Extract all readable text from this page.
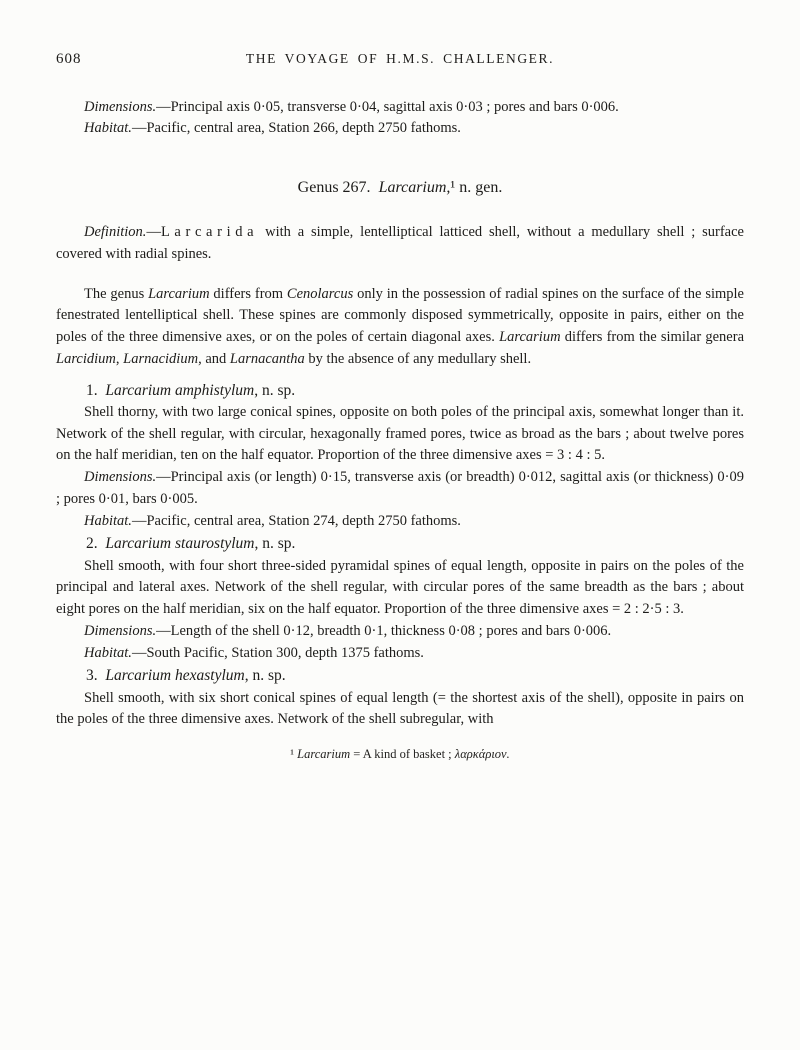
608	THE VOYAGE OF H.M.S. CHALLENGER.

Dimensions.—Principal axis 0·05, transverse 0·04, sagittal axis 0·03 ; pores and bars 0·006.

Habitat.—Pacific, central area, Station 266, depth 2750 fathoms.

Genus 267. Larcarium,¹ n. gen.

Definition.—Larcarida with a simple, lentelliptical latticed shell, without a medullary shell ; surface covered with radial spines.

The genus Larcarium differs from Cenolarcus only in the possession of radial spines on the surface of the simple fenestrated lentelliptical shell. These spines are commonly disposed symmetrically, opposite in pairs, either on the poles of the three dimensive axes, or on the poles of certain diagonal axes. Larcarium differs from the similar genera Larcidium, Larnacidium, and Larnacantha by the absence of any medullary shell.

1. Larcarium amphistylum, n. sp.

Shell thorny, with two large conical spines, opposite on both poles of the principal axis, somewhat longer than it. Network of the shell regular, with circular, hexagonally framed pores, twice as broad as the bars ; about twelve pores on the half meridian, ten on the half equator. Proportion of the three dimensive axes = 3 : 4 : 5.

Dimensions.—Principal axis (or length) 0·15, transverse axis (or breadth) 0·012, sagittal axis (or thickness) 0·09 ; pores 0·01, bars 0·005.

Habitat.—Pacific, central area, Station 274, depth 2750 fathoms.

2. Larcarium staurostylum, n. sp.

Shell smooth, with four short three-sided pyramidal spines of equal length, opposite in pairs on the poles of the principal and lateral axes. Network of the shell regular, with circular pores of the same breadth as the bars ; about eight pores on the half meridian, six on the half equator. Proportion of the three dimensive axes = 2 : 2·5 : 3.

Dimensions.—Length of the shell 0·12, breadth 0·1, thickness 0·08 ; pores and bars 0·006.

Habitat.—South Pacific, Station 300, depth 1375 fathoms.

3. Larcarium hexastylum, n. sp.

Shell smooth, with six short conical spines of equal length (= the shortest axis of the shell), opposite in pairs on the poles of the three dimensive axes. Network of the shell subregular, with

¹ Larcarium = A kind of basket ; λαρκάριον.
